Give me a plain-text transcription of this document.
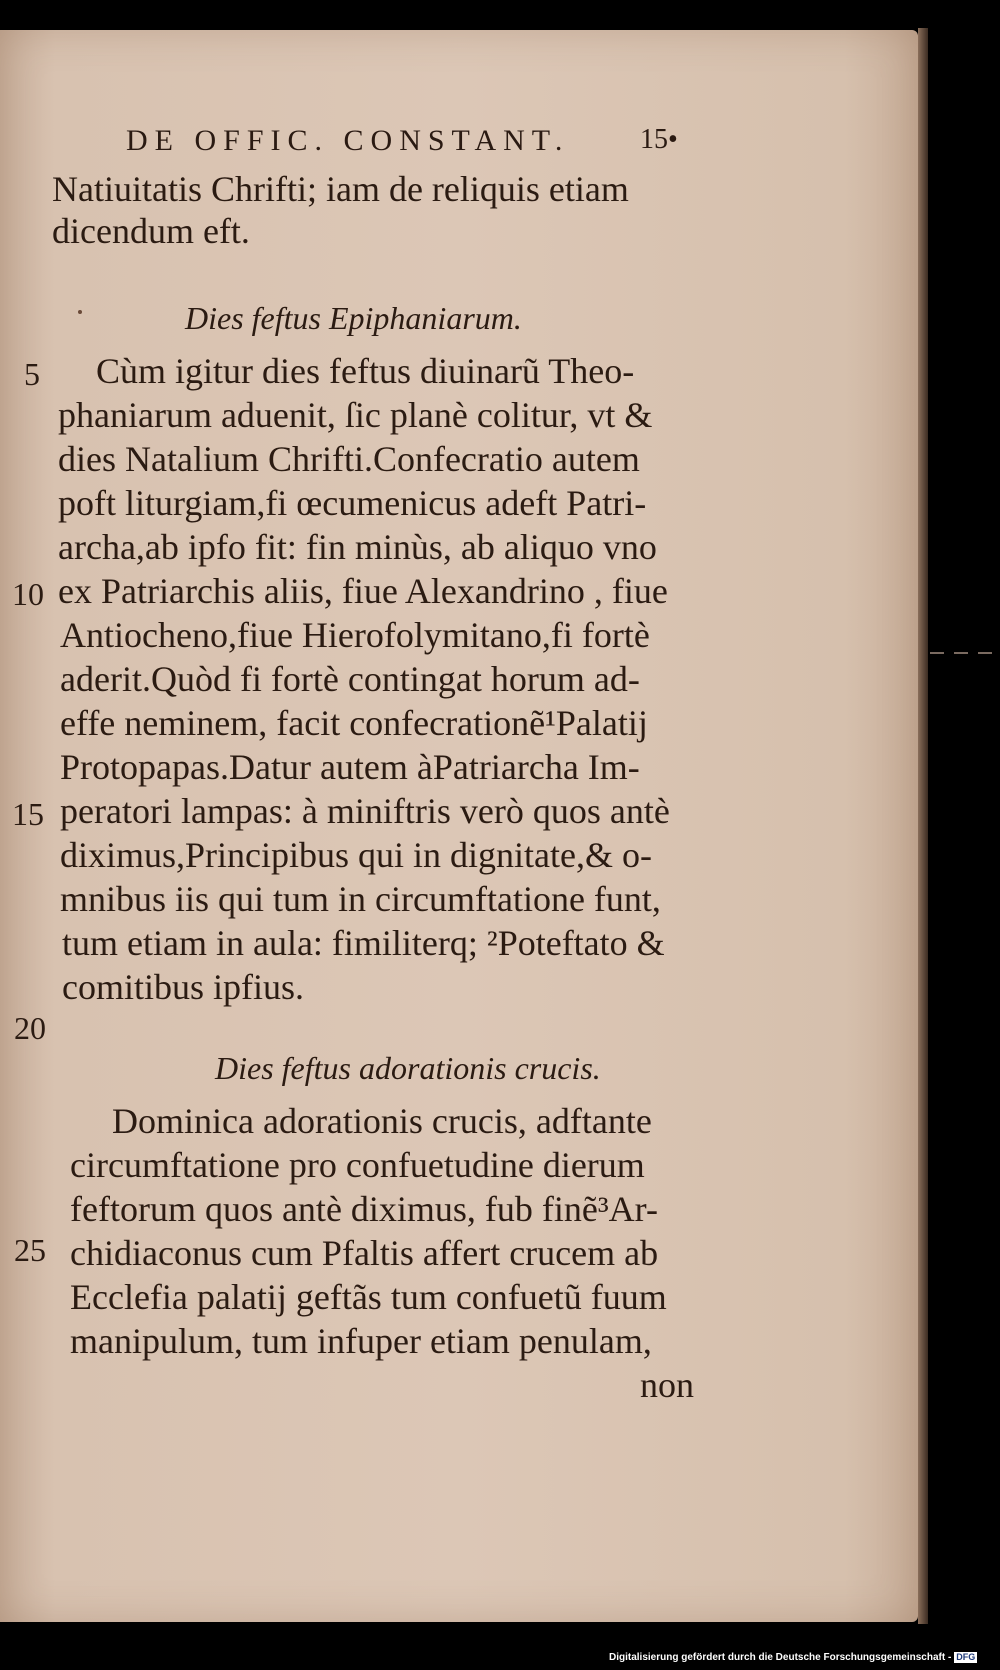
DE OFFIC. CONSTANT.	15•
Natiuitatis Chrifti; iam de reliquis etiam
dicendum eft.
Dies feftus Epiphaniarum.
Cùm igitur dies feftus diuinarũ Theo-
phaniarum aduenit, ſic planè colitur, vt &
dies Natalium Chrifti.Confecratio autem
poft liturgiam,fi œcumenicus adeft Patri-
archa,ab ipfo fit: fin minùs, ab aliquo vno
ex Patriarchis aliis, fiue Alexandrino , fiue
Antiocheno,fiue Hierofolymitano,fi fortè
aderit.Quòd fi fortè contingat horum ad-
effe neminem, facit confecrationẽ¹Palatij
Protopapas.Datur autem àPatriarcha Im-
peratori lampas: à miniftris verò quos antè
diximus,Principibus qui in dignitate,& o-
mnibus iis qui tum in circumftatione funt,
tum etiam in aula: fimiliterq; ²Poteftato &
comitibus ipfius.
Dies feftus adorationis crucis.
Dominica adorationis crucis, adftante
circumftatione pro confuetudine dierum
feftorum quos antè diximus, fub finẽ³Ar-
chidiaconus cum Pfaltis affert crucem ab
Ecclefia palatij geftãs tum confuetũ fuum
manipulum, tum infuper etiam penulam,
non
5
10
15
20
25
Digitalisierung gefördert durch die Deutsche Forschungsgemeinschaft - DFG
